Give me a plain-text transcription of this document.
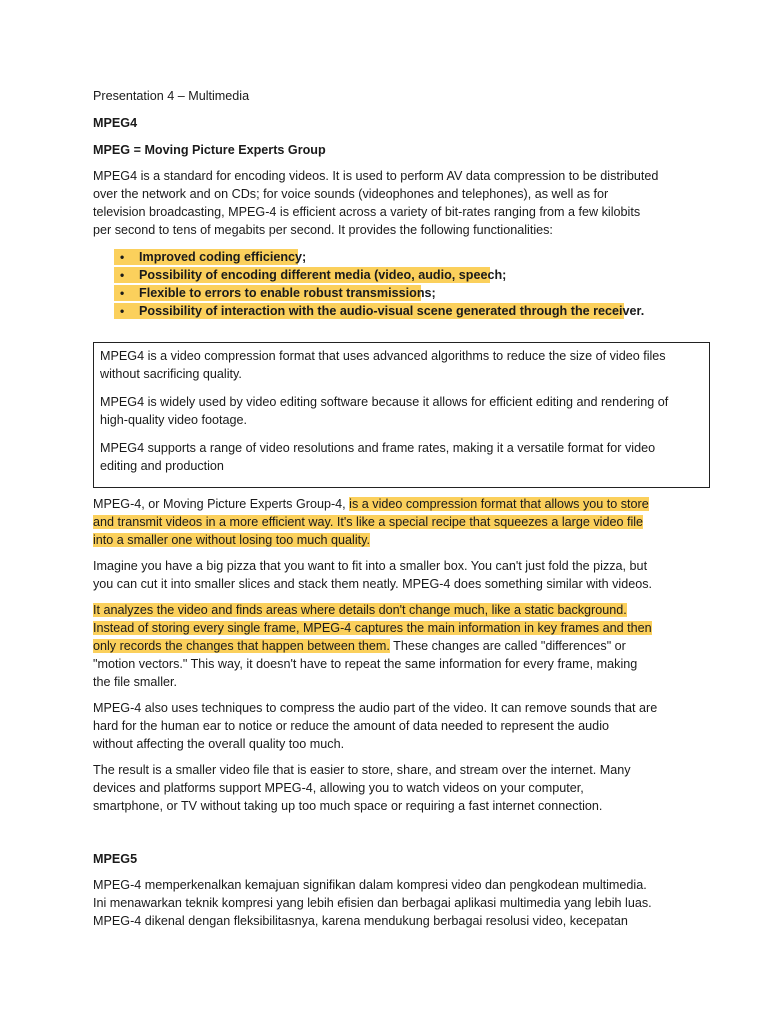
Presentation 4 – Multimedia

MPEG4

MPEG = Moving Picture Experts Group

MPEG4 is a standard for encoding videos. It is used to perform AV data compression to be distributed

over the network and on CDs; for voice sounds (videophones and telephones), as well as for

television broadcasting, MPEG-4 is efficient across a variety of bit-rates ranging from a few kilobits

per second to tens of megabits per second. It provides the following functionalities:

• Improved coding efficiency;
• Possibility of encoding different media (video, audio, speech;
• Flexible to errors to enable robust transmissions;
• Possibility of interaction with the audio-visual scene generated through the receiver.

MPEG4 is a video compression format that uses advanced algorithms to reduce the size of video files

without sacrificing quality.

MPEG4 is widely used by video editing software because it allows for efficient editing and rendering of

high-quality video footage.

MPEG4 supports a range of video resolutions and frame rates, making it a versatile format for video

editing and production

MPEG-4, or Moving Picture Experts Group-4, is a video compression format that allows you to store

and transmit videos in a more efficient way. It's like a special recipe that squeezes a large video file

into a smaller one without losing too much quality.

Imagine you have a big pizza that you want to fit into a smaller box. You can't just fold the pizza, but

you can cut it into smaller slices and stack them neatly. MPEG-4 does something similar with videos.

It analyzes the video and finds areas where details don't change much, like a static background.

Instead of storing every single frame, MPEG-4 captures the main information in key frames and then

only records the changes that happen between them. These changes are called "differences" or

"motion vectors." This way, it doesn't have to repeat the same information for every frame, making

the file smaller.

MPEG-4 also uses techniques to compress the audio part of the video. It can remove sounds that are

hard for the human ear to notice or reduce the amount of data needed to represent the audio

without affecting the overall quality too much.

The result is a smaller video file that is easier to store, share, and stream over the internet. Many

devices and platforms support MPEG-4, allowing you to watch videos on your computer,

smartphone, or TV without taking up too much space or requiring a fast internet connection.

MPEG5

MPEG-4 memperkenalkan kemajuan signifikan dalam kompresi video dan pengkodean multimedia.

Ini menawarkan teknik kompresi yang lebih efisien dan berbagai aplikasi multimedia yang lebih luas.

MPEG-4 dikenal dengan fleksibilitasnya, karena mendukung berbagai resolusi video, kecepatan
